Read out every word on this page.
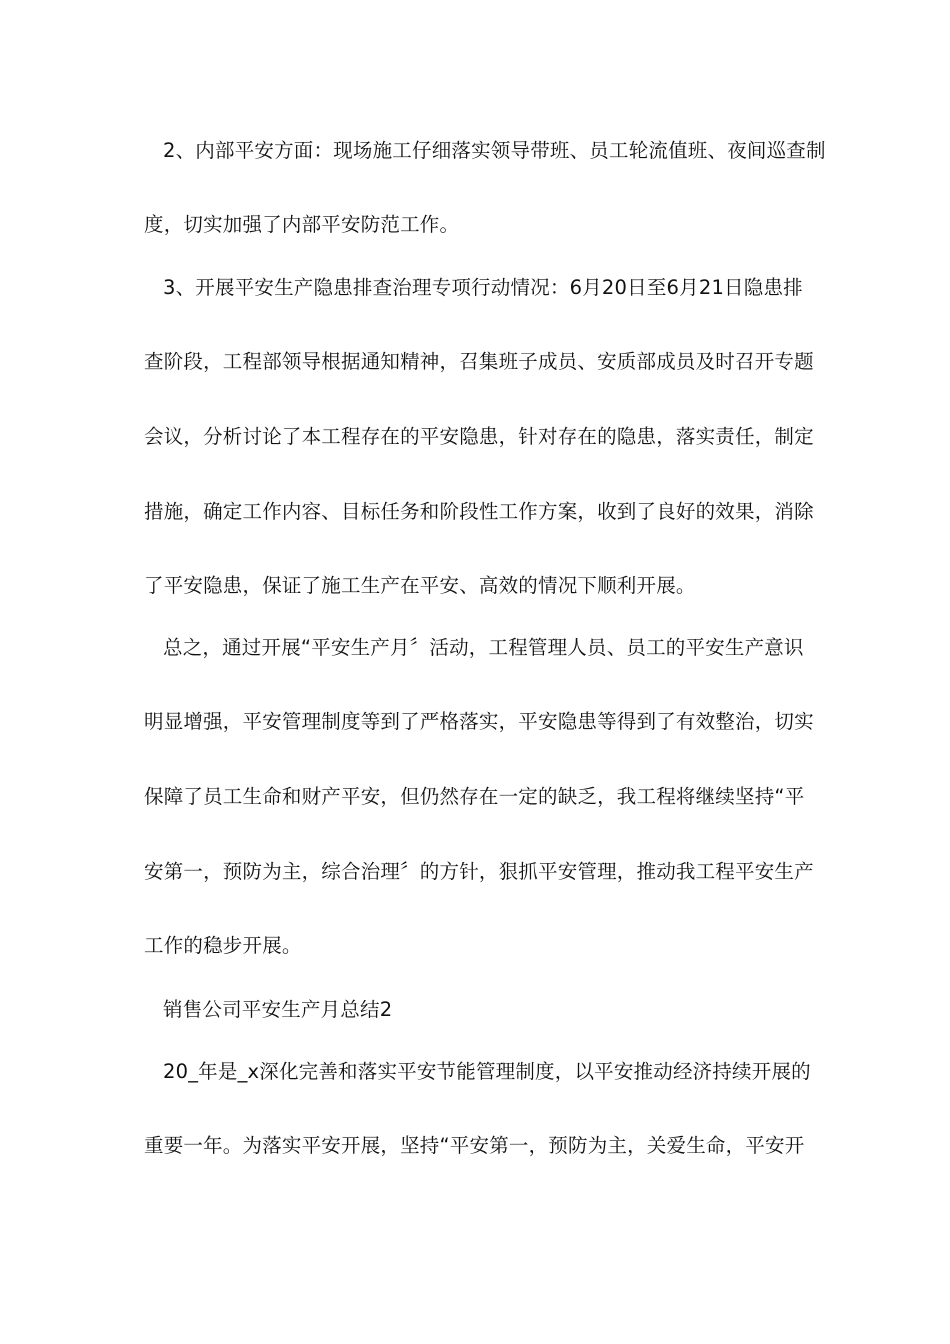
2、内部平安方面：现场施工仔细落实领导带班、员工轮流值班、夜间巡查制
度，切实加强了内部平安防范工作。
3、开展平安生产隐患排查治理专项行动情况：6月20日至6月21日隐患排
查阶段，工程部领导根据通知精神，召集班子成员、安质部成员及时召开专题
会议，分析讨论了本工程存在的平安隐患，针对存在的隐患，落实责任，制定
措施，确定工作内容、目标任务和阶段性工作方案，收到了良好的效果，消除
了平安隐患，保证了施工生产在平安、高效的情况下顺利开展。
总之，通过开展“平安生产月〞活动，工程管理人员、员工的平安生产意识
明显增强，平安管理制度等到了严格落实，平安隐患等得到了有效整治，切实
保障了员工生命和财产平安，但仍然存在一定的缺乏，我工程将继续坚持“平
安第一，预防为主，综合治理〞的方针，狠抓平安管理，推动我工程平安生产
工作的稳步开展。
销售公司平安生产月总结2
20_年是_x深化完善和落实平安节能管理制度，以平安推动经济持续开展的
重要一年。为落实平安开展，坚持“平安第一，预防为主，关爱生命，平安开
